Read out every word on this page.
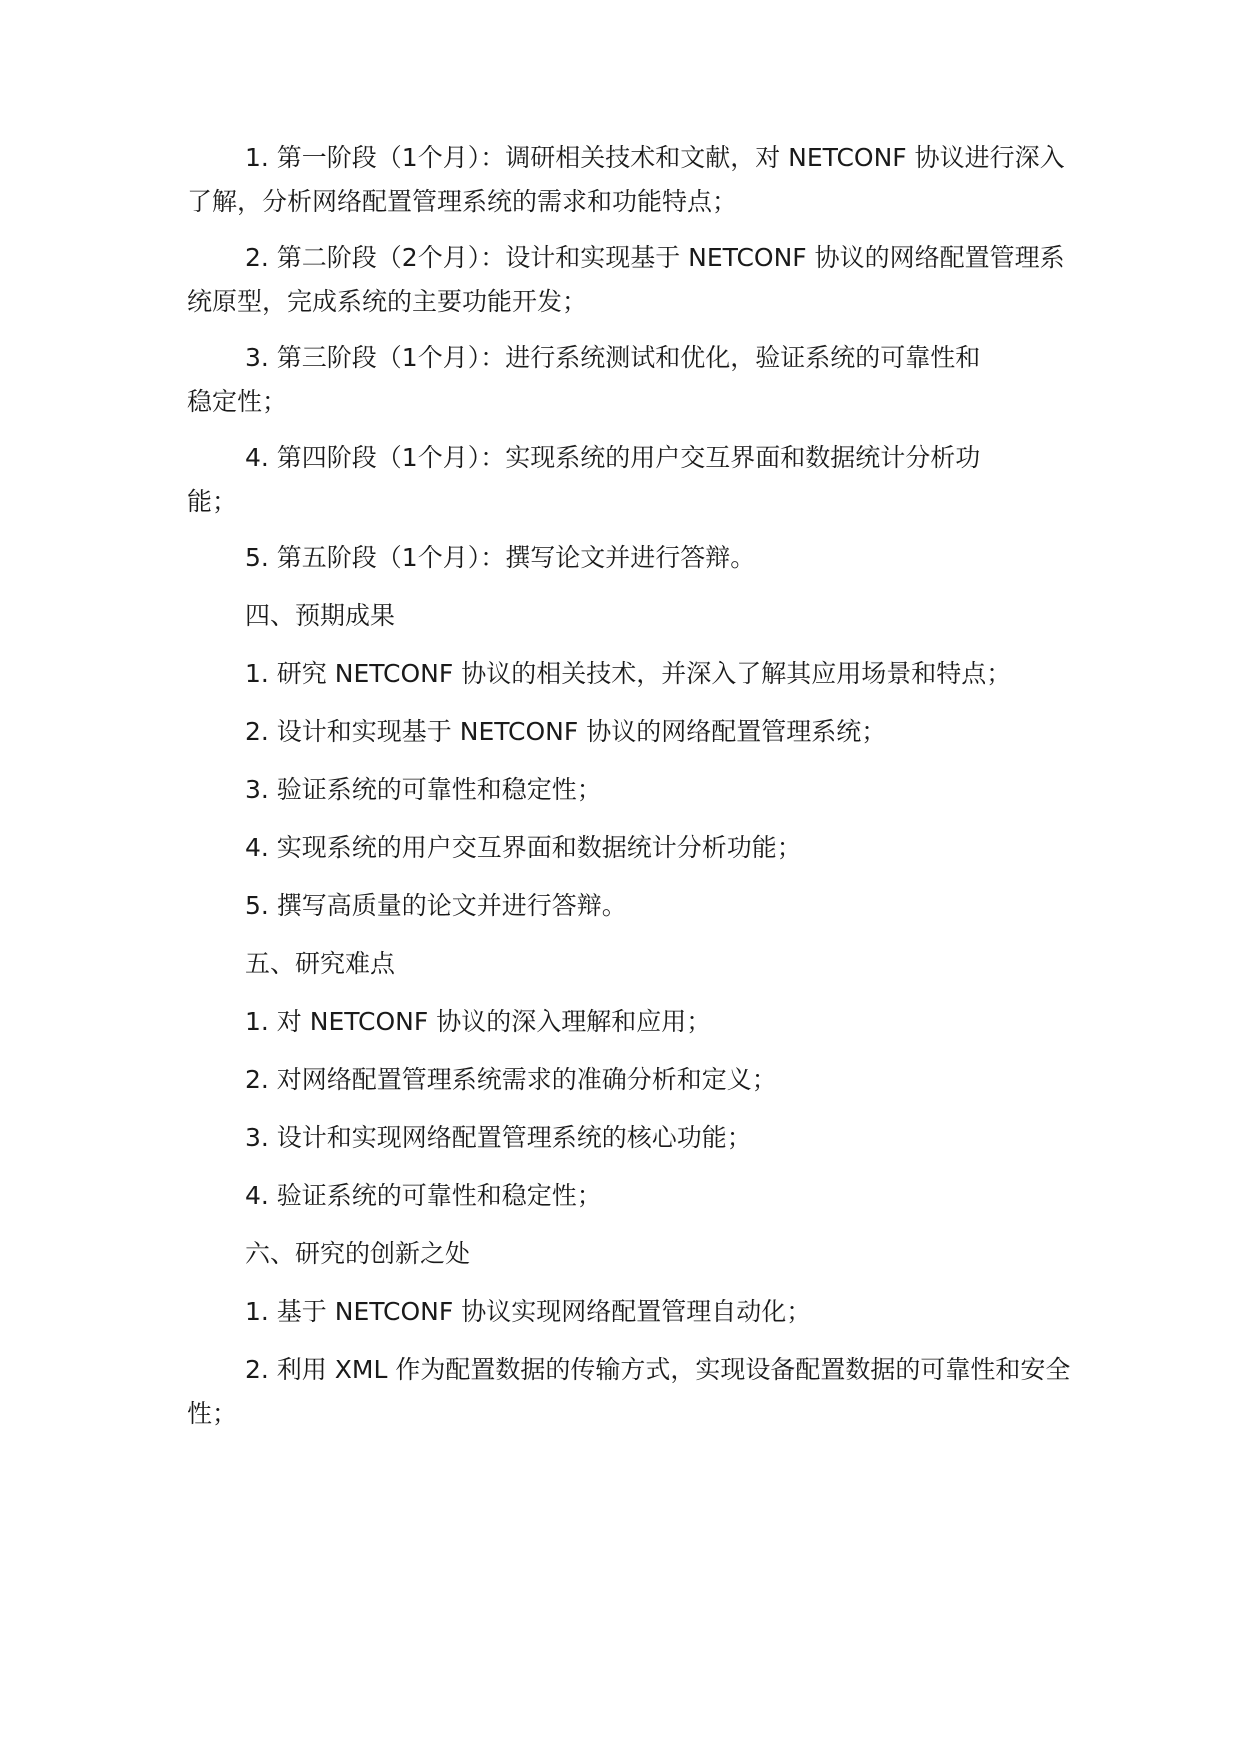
1. 第一阶段（1个月）：调研相关技术和文献，对 NETCONF 协议进行深入了解，分析网络配置管理系统的需求和功能特点；

2. 第二阶段（2个月）：设计和实现基于 NETCONF 协议的网络配置管理系统原型，完成系统的主要功能开发；

3. 第三阶段（1个月）：进行系统测试和优化，验证系统的可靠性和稳定性；

4. 第四阶段（1个月）：实现系统的用户交互界面和数据统计分析功能；

5. 第五阶段（1个月）：撰写论文并进行答辩。

四、预期成果

1. 研究 NETCONF 协议的相关技术，并深入了解其应用场景和特点；

2. 设计和实现基于 NETCONF 协议的网络配置管理系统；

3. 验证系统的可靠性和稳定性；

4. 实现系统的用户交互界面和数据统计分析功能；

5. 撰写高质量的论文并进行答辩。

五、研究难点

1. 对 NETCONF 协议的深入理解和应用；

2. 对网络配置管理系统需求的准确分析和定义；

3. 设计和实现网络配置管理系统的核心功能；

4. 验证系统的可靠性和稳定性；

六、研究的创新之处

1. 基于 NETCONF 协议实现网络配置管理自动化；

2. 利用 XML 作为配置数据的传输方式，实现设备配置数据的可靠性和安全性；
